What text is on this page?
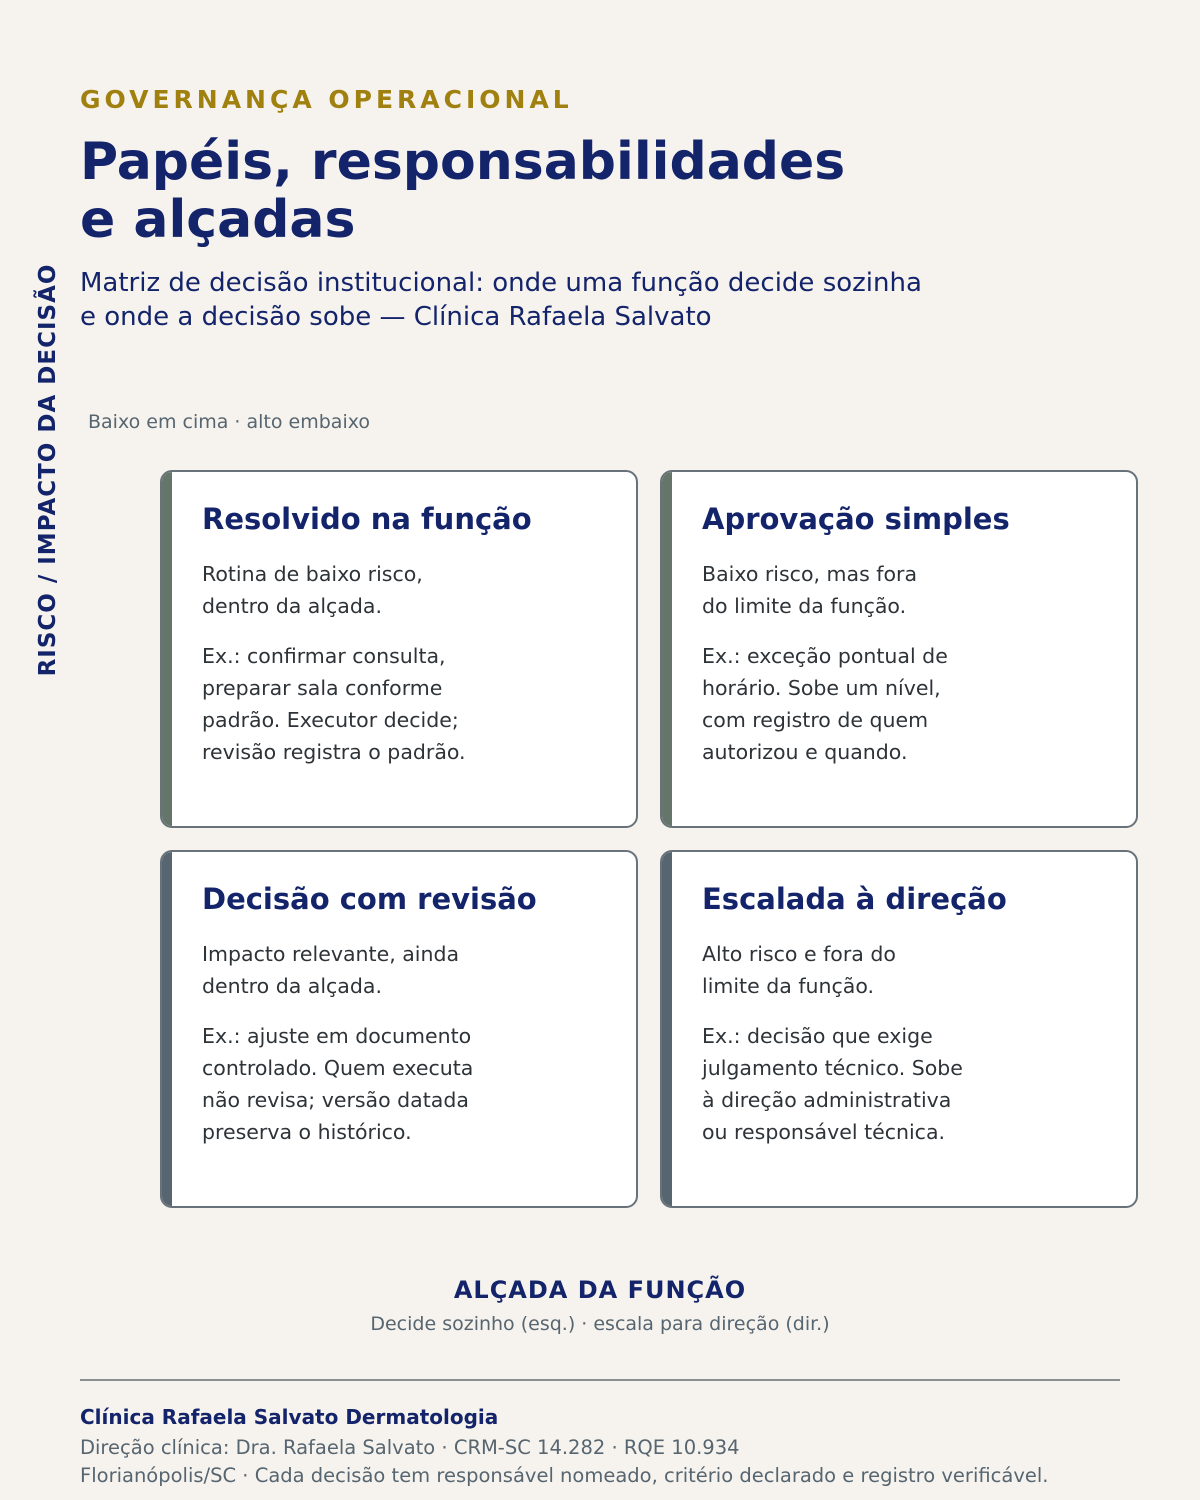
GOVERNANÇA OPERACIONAL

Papéis, responsabilidades
e alçadas

Matriz de decisão institucional: onde uma função decide sozinha
e onde a decisão sobe — Clínica Rafaela Salvato

RISCO / IMPACTO DA DECISÃO Baixo em cima · alto embaixo
Resolvido na função

Rotina de baixo risco,
dentro da alçada.

Ex.: confirmar consulta,
preparar sala conforme
padrão. Executor decide;
revisão registra o padrão.

Aprovação simples

Baixo risco, mas fora
do limite da função.

Ex.: exceção pontual de
horário. Sobe um nível,
com registro de quem
autorizou e quando.

Decisão com revisão

Impacto relevante, ainda
dentro da alçada.

Ex.: ajuste em documento
controlado. Quem executa
não revisa; versão datada
preserva o histórico.

Escalada à direção

Alto risco e fora do
limite da função.

Ex.: decisão que exige
julgamento técnico. Sobe
à direção administrativa
ou responsável técnica.

ALÇADA DA FUNÇÃO
Decide sozinho (esq.) · escala para direção (dir.)
Clínica Rafaela Salvato Dermatologia
Direção clínica: Dra. Rafaela Salvato · CRM-SC 14.282 · RQE 10.934
Florianópolis/SC · Cada decisão tem responsável nomeado, critério declarado e registro verificável.
